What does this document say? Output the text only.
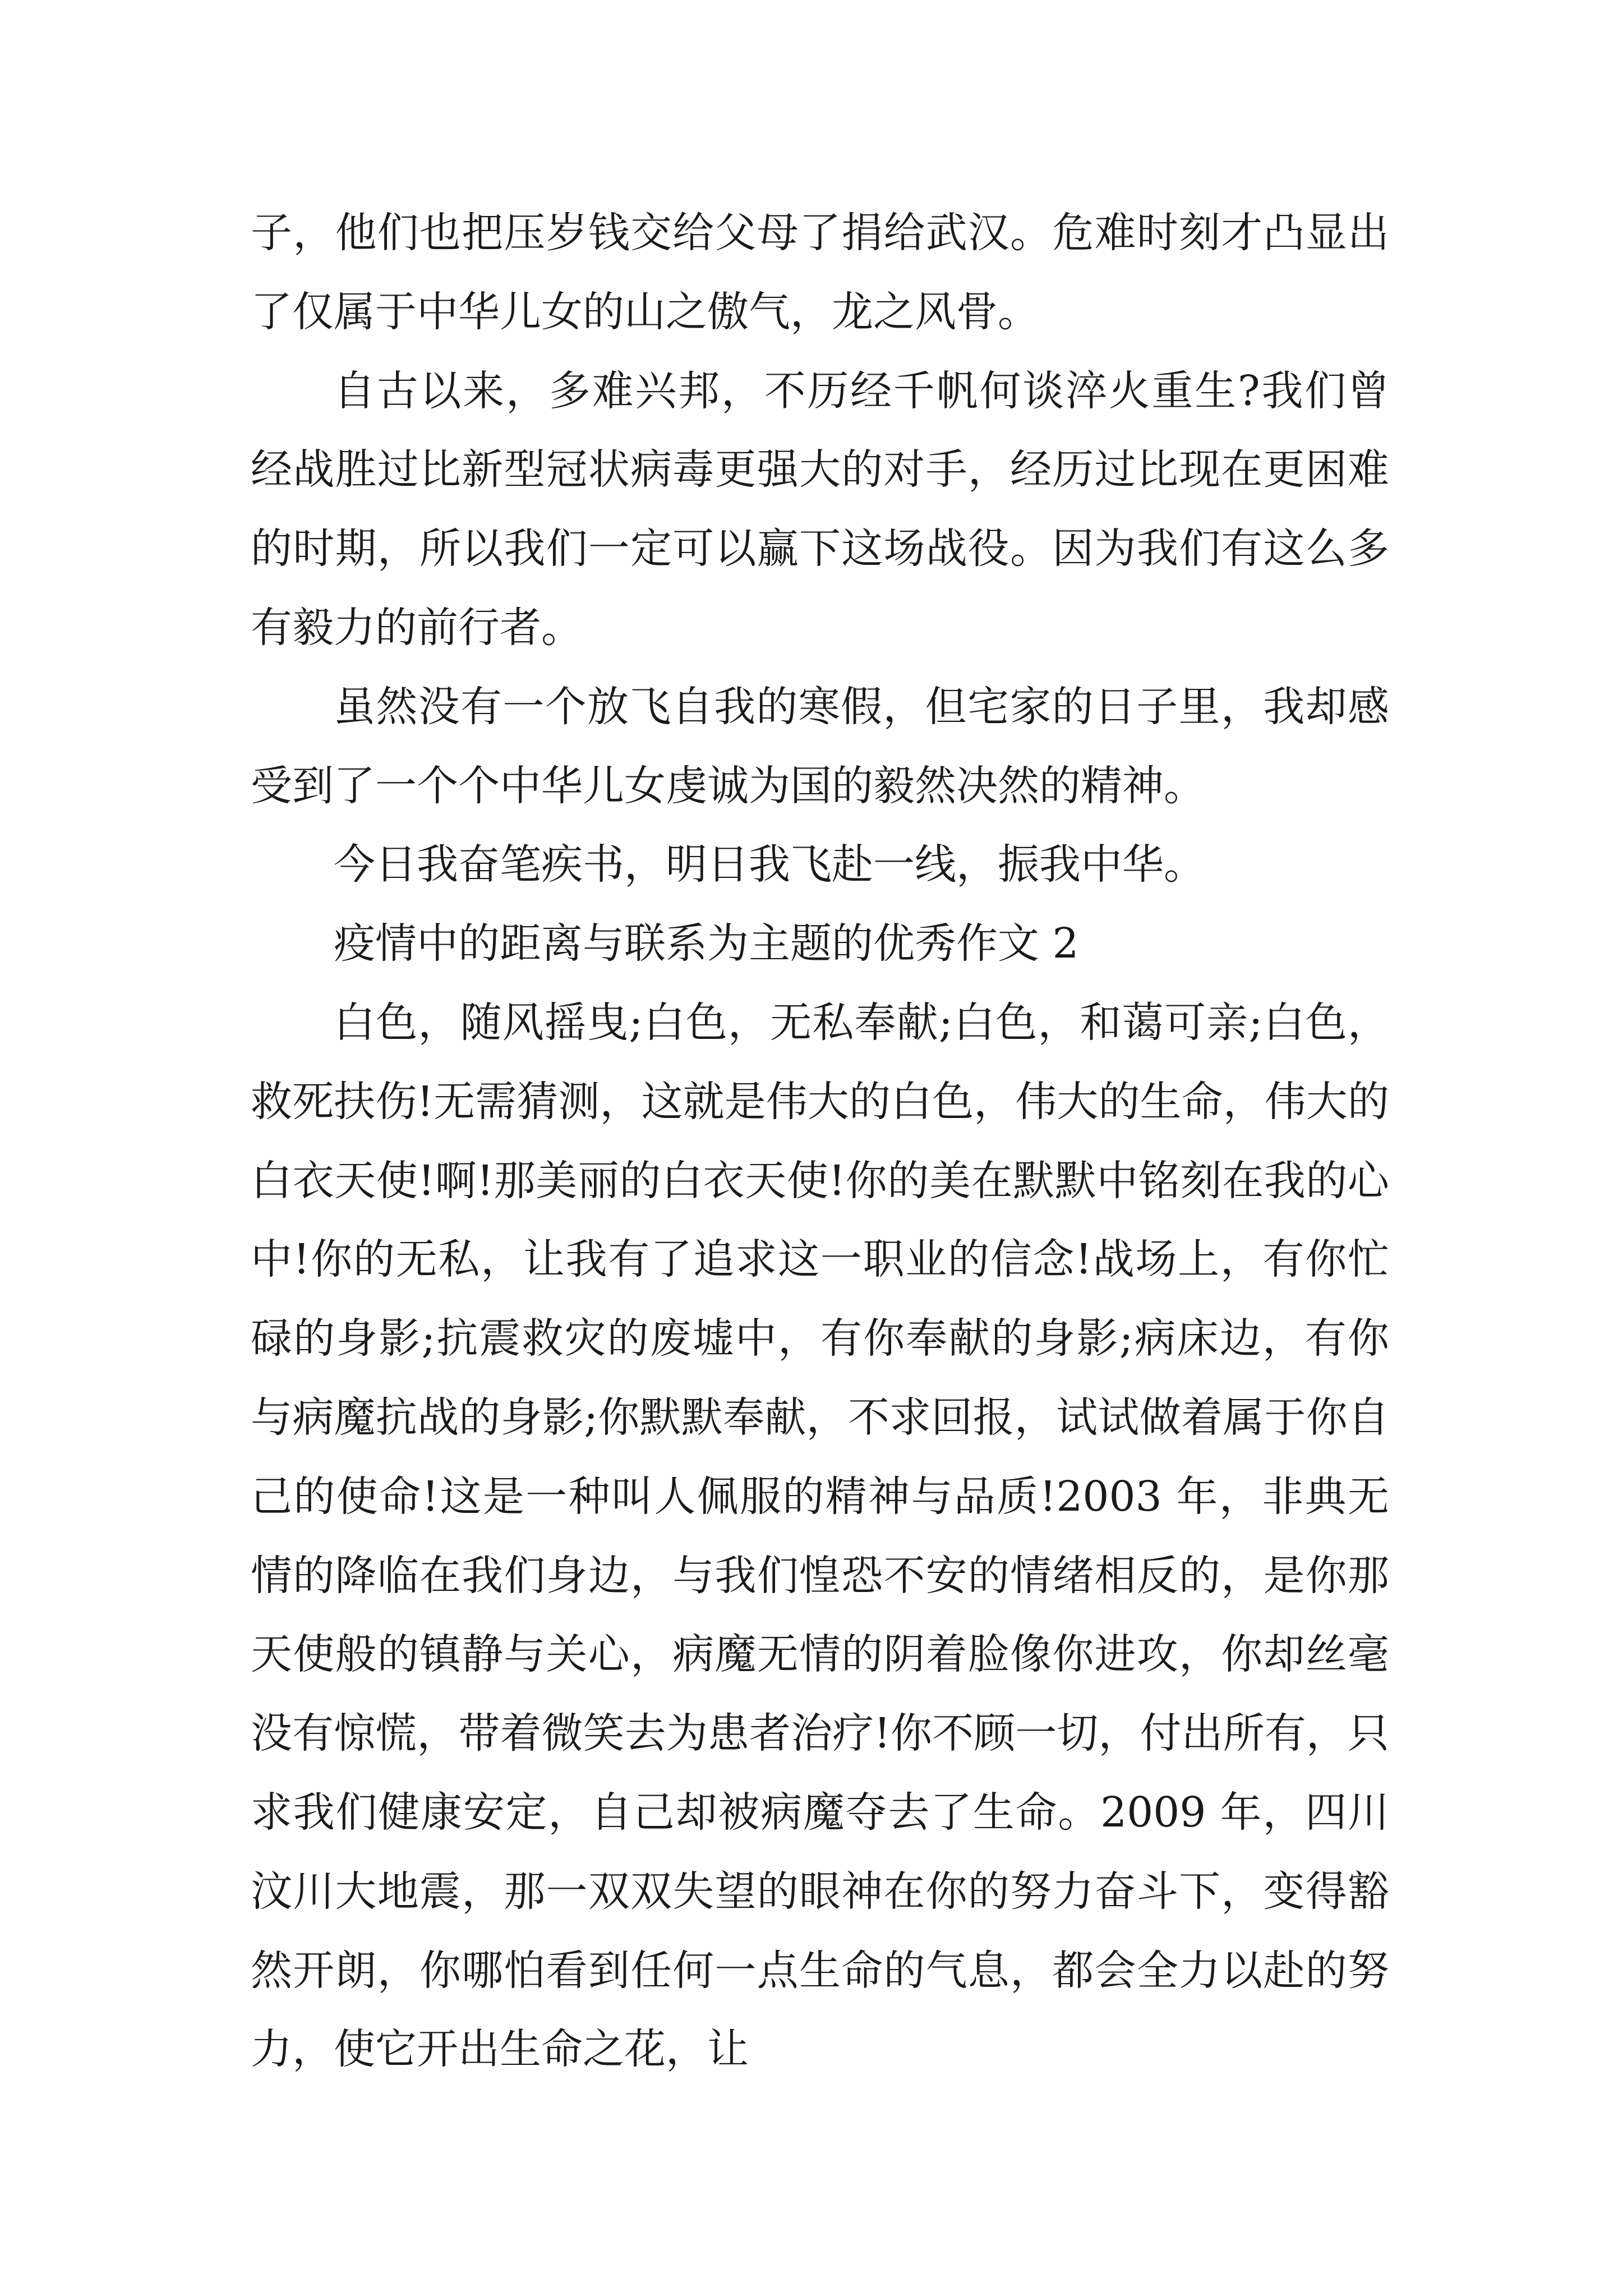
子，他们也把压岁钱交给父母了捐给武汉。危难时刻才凸显出了仅属于中华儿女的山之傲气，龙之风骨。

自古以来，多难兴邦，不历经千帆何谈淬火重生?我们曾经战胜过比新型冠状病毒更强大的对手，经历过比现在更困难的时期，所以我们一定可以赢下这场战役。因为我们有这么多有毅力的前行者。

虽然没有一个放飞自我的寒假，但宅家的日子里，我却感受到了一个个中华儿女虔诚为国的毅然决然的精神。

今日我奋笔疾书，明日我飞赴一线，振我中华。

疫情中的距离与联系为主题的优秀作文 2

白色，随风摇曳;白色，无私奉献;白色，和蔼可亲;白色，救死扶伤!无需猜测，这就是伟大的白色，伟大的生命，伟大的白衣天使!啊!那美丽的白衣天使!你的美在默默中铭刻在我的心中!你的无私，让我有了追求这一职业的信念!战场上，有你忙碌的身影;抗震救灾的废墟中，有你奉献的身影;病床边，有你与病魔抗战的身影;你默默奉献，不求回报，试试做着属于你自己的使命!这是一种叫人佩服的精神与品质!2003 年，非典无情的降临在我们身边，与我们惶恐不安的情绪相反的，是你那天使般的镇静与关心，病魔无情的阴着脸像你进攻，你却丝毫没有惊慌，带着微笑去为患者治疗!你不顾一切，付出所有，只求我们健康安定，自己却被病魔夺去了生命。2009 年，四川汶川大地震，那一双双失望的眼神在你的努力奋斗下，变得豁然开朗，你哪怕看到任何一点生命的气息，都会全力以赴的努力，使它开出生命之花，让
